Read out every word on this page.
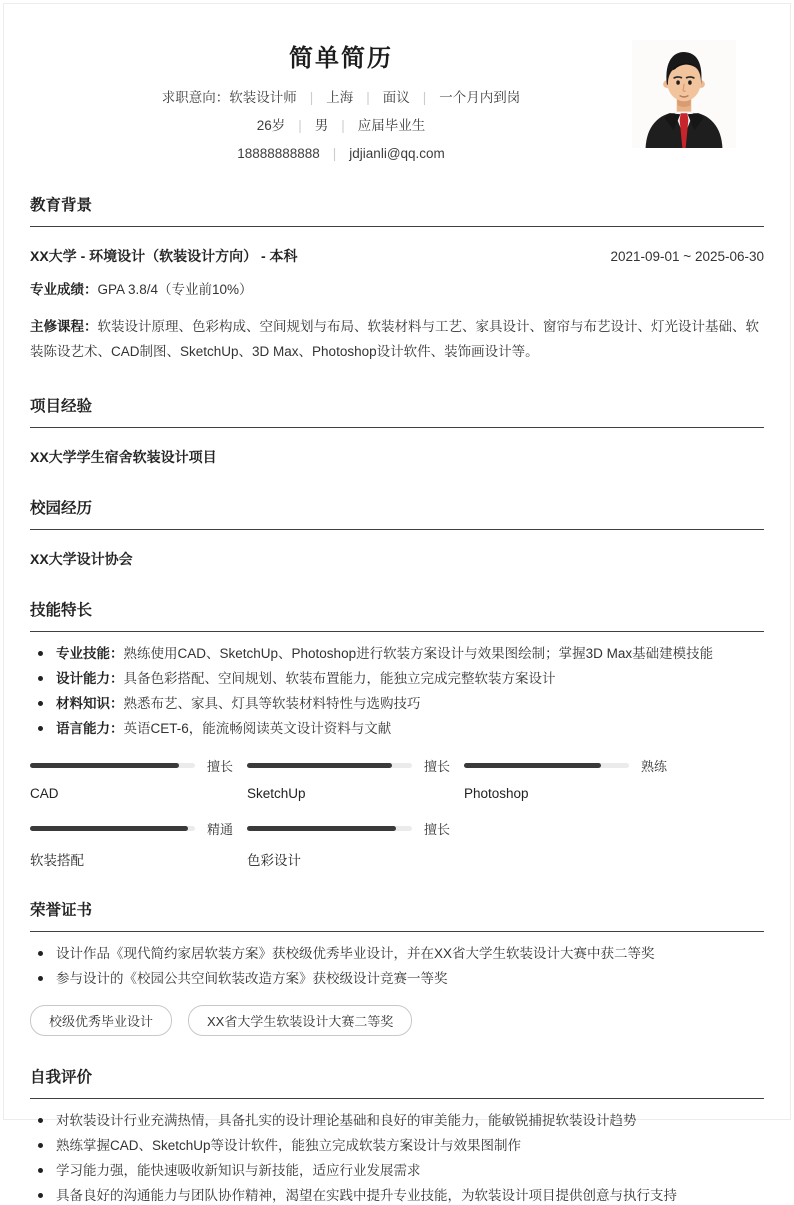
简单简历
求职意向：软装设计师 | 上海 | 面议 | 一个月内到岗
26岁 | 男 | 应届毕业生
18888888888 | jdjianli@qq.com
教育背景
XX大学 - 环境设计（软装设计方向） - 本科	2021-09-01 ~ 2025-06-30
专业成绩：GPA 3.8/4（专业前10%）
主修课程：软装设计原理、色彩构成、空间规划与布局、软装材料与工艺、家具设计、窗帘与布艺设计、灯光设计基础、软装陈设艺术、CAD制图、SketchUp、3D Max、Photoshop设计软件、装饰画设计等。
项目经验
XX大学学生宿舍软装设计项目
校园经历
XX大学设计协会
技能特长
专业技能：熟练使用CAD、SketchUp、Photoshop进行软装方案设计与效果图绘制；掌握3D Max基础建模技能
设计能力：具备色彩搭配、空间规划、软装布置能力，能独立完成完整软装方案设计
材料知识：熟悉布艺、家具、灯具等软装材料特性与选购技巧
语言能力：英语CET-6，能流畅阅读英文设计资料与文献
擅长
CAD
擅长
SketchUp
熟练
Photoshop
精通
软装搭配
擅长
色彩设计
荣誉证书
设计作品《现代简约家居软装方案》获校级优秀毕业设计，并在XX省大学生软装设计大赛中获二等奖
参与设计的《校园公共空间软装改造方案》获校级设计竞赛一等奖
校级优秀毕业设计	XX省大学生软装设计大赛二等奖
自我评价
对软装设计行业充满热情，具备扎实的设计理论基础和良好的审美能力，能敏锐捕捉软装设计趋势
熟练掌握CAD、SketchUp等设计软件，能独立完成软装方案设计与效果图制作
学习能力强，能快速吸收新知识与新技能，适应行业发展需求
具备良好的沟通能力与团队协作精神，渴望在实践中提升专业技能，为软装设计项目提供创意与执行支持
